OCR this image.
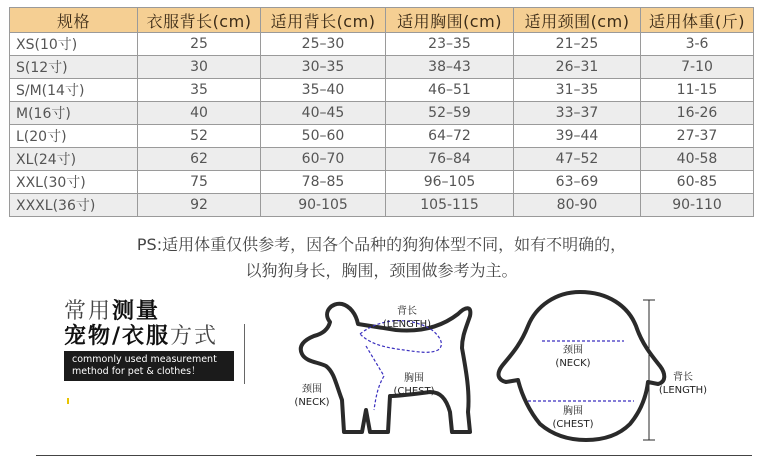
规格	衣服背长(cm)	适用背长(cm)	适用胸围(cm)	适用颈围(cm)	适用体重(斤)
XS(10寸)	25	25–30	23–35	21–25	3-6
S(12寸)	30	30–35	38–43	26–31	7-10
S/M(14寸)	35	35–40	46–51	31–35	11-15
M(16寸)	40	40–45	52–59	33–37	16-26
L(20寸)	52	50–60	64–72	39–44	27-37
XL(24寸)	62	60–70	76–84	47–52	40-58
XXL(30寸)	75	78–85	96–105	63–69	60-85
XXXL(36寸)	92	90-105	105-115	80-90	90-110
PS:适用体重仅供参考，因各个品种的狗狗体型不同，如有不明确的，
以狗狗身长，胸围，颈围做参考为主。
常用测量
宠物/衣服方式
commonly used measurement
method for pet & clothes！
背长
(LENGTH)
颈围
(NECK)
胸围
(CHEST)
颈围
(NECK)
胸围
(CHEST)
背长
(LENGTH)
